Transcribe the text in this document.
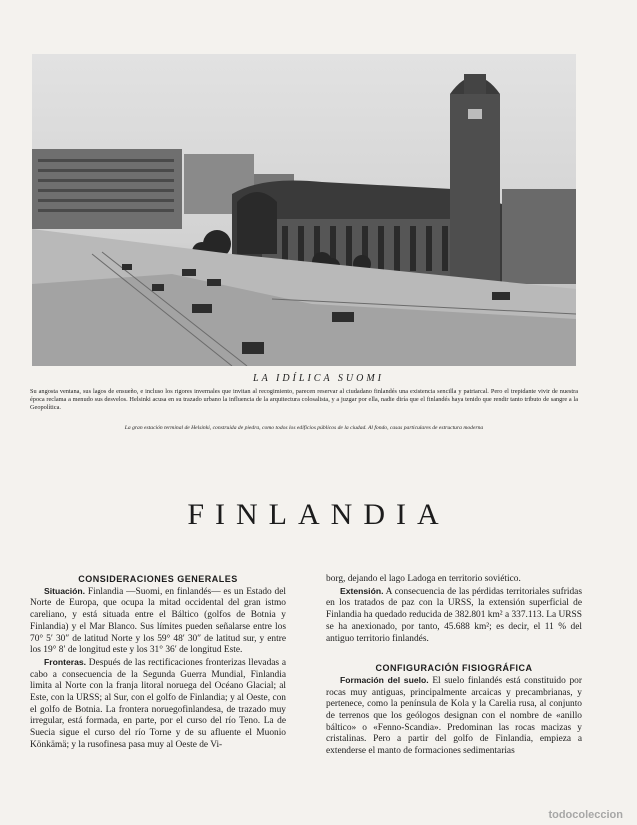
LA IDÍLICA SUOMI

Su angosta ventana, sus lagos de ensueño, e incluso los rigores invernales que invitan al recogimiento, parecen reservar al ciudadano finlandés una existencia sencilla y patriarcal. Pero el trepidante vivir de nuestra época reclama a menudo sus desvelos. Helsinki acusa en su trazado urbano la influencia de la arquitectura colosalista, y a juzgar por ella, nadie diría que el finlandés haya tenido que rendir tanto tributo de sangre a la Geopolítica.

La gran estación terminal de Helsinki, construida de piedra, como todos los edificios públicos de la ciudad. Al fondo, casas particulares de estructura moderna

FINLANDIA

CONSIDERACIONES GENERALES

Situación. Finlandia —Suomi, en finlandés— es un Estado del Norte de Europa, que ocupa la mitad occidental del gran istmo careliano, y está situada entre el Báltico (golfos de Botnia y Finlandia) y el Mar Blanco. Sus límites pueden señalarse entre los 70° 5′ 30″ de latitud Norte y los 59° 48′ 30″ de latitud sur, y entre los 19° 8′ de longitud este y los 31° 36′ de longitud Este.

Fronteras. Después de las rectificaciones fronterizas llevadas a cabo a consecuencia de la Segunda Guerra Mundial, Finlandia limita al Norte con la franja litoral noruega del Océano Glacial; al Este, con la URSS; al Sur, con el golfo de Finlandia; y al Oeste, con el golfo de Botnia. La frontera noruegofinlandesa, de trazado muy irregular, está formada, en parte, por el curso del río Teno. La de Suecia sigue el curso del río Torne y de su afluente el Muonio Könkämä; y la rusofinesa pasa muy al Oeste de Vi-

borg, dejando el lago Ladoga en territorio soviético.

Extensión. A consecuencia de las pérdidas territoriales sufridas en los tratados de paz con la URSS, la extensión superficial de Finlandia ha quedado reducida de 382.801 km² a 337.113. La URSS se ha anexionado, por tanto, 45.688 km²; es decir, el 11 % del antiguo territorio finlandés.

CONFIGURACIÓN FISIOGRÁFICA

Formación del suelo. El suelo finlandés está constituido por rocas muy antiguas, principalmente arcaicas y precambrianas, y pertenece, como la península de Kola y la Carelia rusa, al conjunto de terrenos que los geólogos designan con el nombre de «anillo báltico» o «Fenno-Scandia». Predominan las rocas macizas y cristalinas. Pero a partir del golfo de Finlandia, empieza a extenderse el manto de formaciones sedimentarias

todocoleccion
